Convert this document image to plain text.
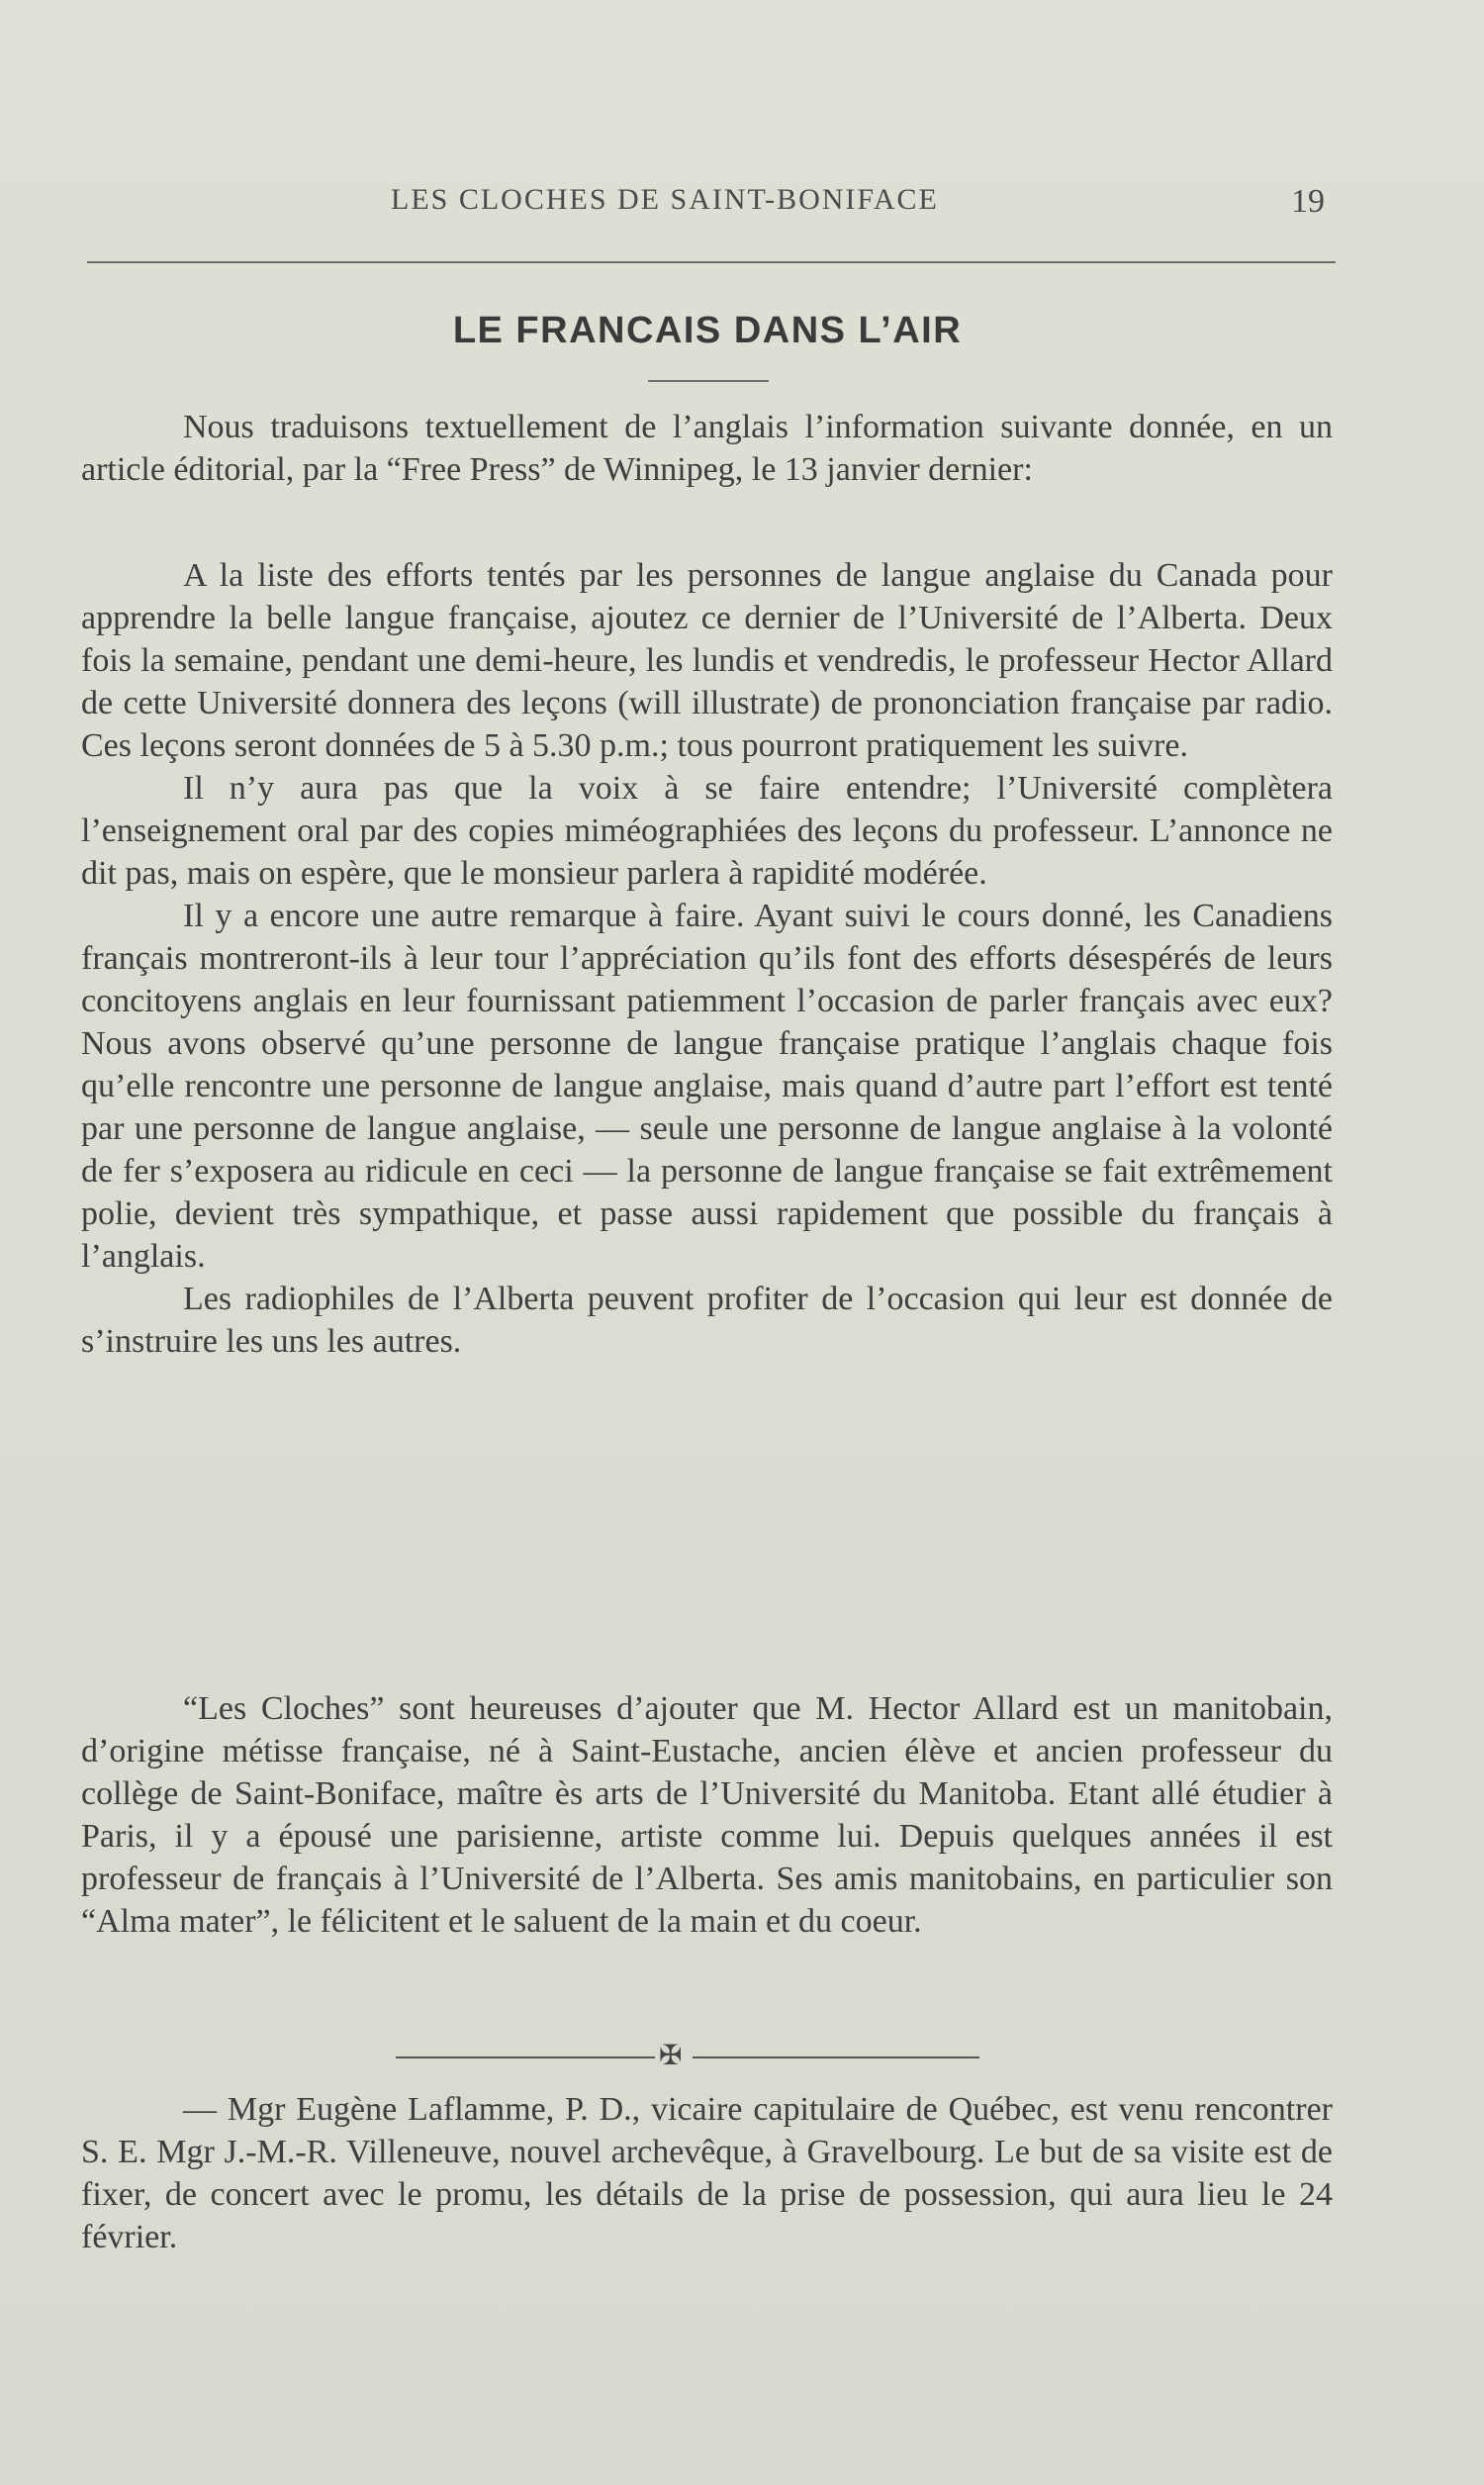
LES CLOCHES DE SAINT-BONIFACE	19
LE FRANCAIS DANS L’AIR

Nous traduisons textuellement de l’anglais l’information suivante donnée, en un article éditorial, par la “Free Press” de Winnipeg, le 13 janvier dernier:

A la liste des efforts tentés par les personnes de langue anglaise du Canada pour apprendre la belle langue française, ajoutez ce dernier de l’Université de l’Alberta. Deux fois la semaine, pendant une demi-heure, les lundis et vendredis, le professeur Hector Allard de cette Université donnera des leçons (will illustrate) de prononciation française par radio. Ces leçons seront données de 5 à 5.30 p.m.; tous pourront pratiquement les suivre.

Il n’y aura pas que la voix à se faire entendre; l’Université complètera l’enseignement oral par des copies miméographiées des leçons du professeur. L’annonce ne dit pas, mais on espère, que le monsieur parlera à rapidité modérée.

Il y a encore une autre remarque à faire. Ayant suivi le cours donné, les Canadiens français montreront-ils à leur tour l’appréciation qu’ils font des efforts désespérés de leurs concitoyens anglais en leur fournissant patiemment l’occasion de parler français avec eux? Nous avons observé qu’une personne de langue française pratique l’anglais chaque fois qu’elle rencontre une personne de langue anglaise, mais quand d’autre part l’effort est tenté par une personne de langue anglaise, — seule une personne de langue anglaise à la volonté de fer s’exposera au ridicule en ceci — la personne de langue française se fait extrêmement polie, devient très sympathique, et passe aussi rapidement que possible du français à l’anglais.

Les radiophiles de l’Alberta peuvent profiter de l’occasion qui leur est donnée de s’instruire les uns les autres.

“Les Cloches” sont heureuses d’ajouter que M. Hector Allard est un manitobain, d’origine métisse française, né à Saint-Eustache, ancien élève et ancien professeur du collège de Saint-Boniface, maître ès arts de l’Université du Manitoba. Etant allé étudier à Paris, il y a épousé une parisienne, artiste comme lui. Depuis quelques années il est professeur de français à l’Université de l’Alberta. Ses amis manitobains, en particulier son “Alma mater”, le félicitent et le saluent de la main et du coeur.

✠

— Mgr Eugène Laflamme, P. D., vicaire capitulaire de Québec, est venu rencontrer S. E. Mgr J.-M.-R. Villeneuve, nouvel archevêque, à Gravelbourg. Le but de sa visite est de fixer, de concert avec le promu, les détails de la prise de possession, qui aura lieu le 24 février.
